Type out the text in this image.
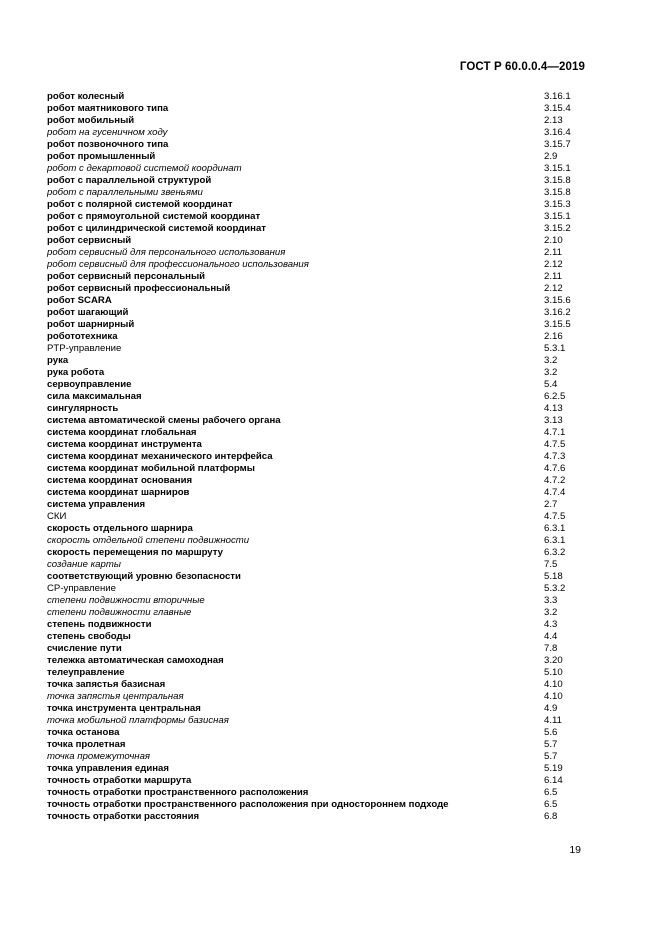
ГОСТ Р 60.0.0.4—2019
робот колесный	3.16.1
робот маятникового типа	3.15.4
робот мобильный	2.13
робот на гусеничном ходу	3.16.4
робот позвоночного типа	3.15.7
робот промышленный	2.9
робот с декартовой системой координат	3.15.1
робот с параллельной структурой	3.15.8
робот с параллельными звеньями	3.15.8
робот с полярной системой координат	3.15.3
робот с прямоугольной системой координат	3.15.1
робот с цилиндрической системой координат	3.15.2
робот сервисный	2.10
робот сервисный для персонального использования	2.11
робот сервисный для профессионального использования	2.12
робот сервисный персональный	2.11
робот сервисный профессиональный	2.12
робот SCARA	3.15.6
робот шагающий	3.16.2
робот шарнирный	3.15.5
робототехника	2.16
PTP-управление	5.3.1
рука	3.2
рука робота	3.2
сервоуправление	5.4
сила максимальная	6.2.5
сингулярность	4.13
система автоматической смены рабочего органа	3.13
система координат глобальная	4.7.1
система координат инструмента	4.7.5
система координат механического интерфейса	4.7.3
система координат мобильной платформы	4.7.6
система координат основания	4.7.2
система координат шарниров	4.7.4
система управления	2.7
СКИ	4.7.5
скорость отдельного шарнира	6.3.1
скорость отдельной степени подвижности	6.3.1
скорость перемещения по маршруту	6.3.2
создание карты	7.5
соответствующий уровню безопасности	5.18
CP-управление	5.3.2
степени подвижности вторичные	3.3
степени подвижности главные	3.2
степень подвижности	4.3
степень свободы	4.4
счисление пути	7.8
тележка автоматическая самоходная	3.20
телеуправление	5.10
точка запястья базисная	4.10
точка запястья центральная	4.10
точка инструмента центральная	4.9
точка мобильной платформы базисная	4.11
точка останова	5.6
точка пролетная	5.7
точка промежуточная	5.7
точка управления единая	5.19
точность отработки маршрута	6.14
точность отработки пространственного расположения	6.5
точность отработки пространственного расположения при одностороннем подходе	6.5
точность отработки расстояния	6.8
19
